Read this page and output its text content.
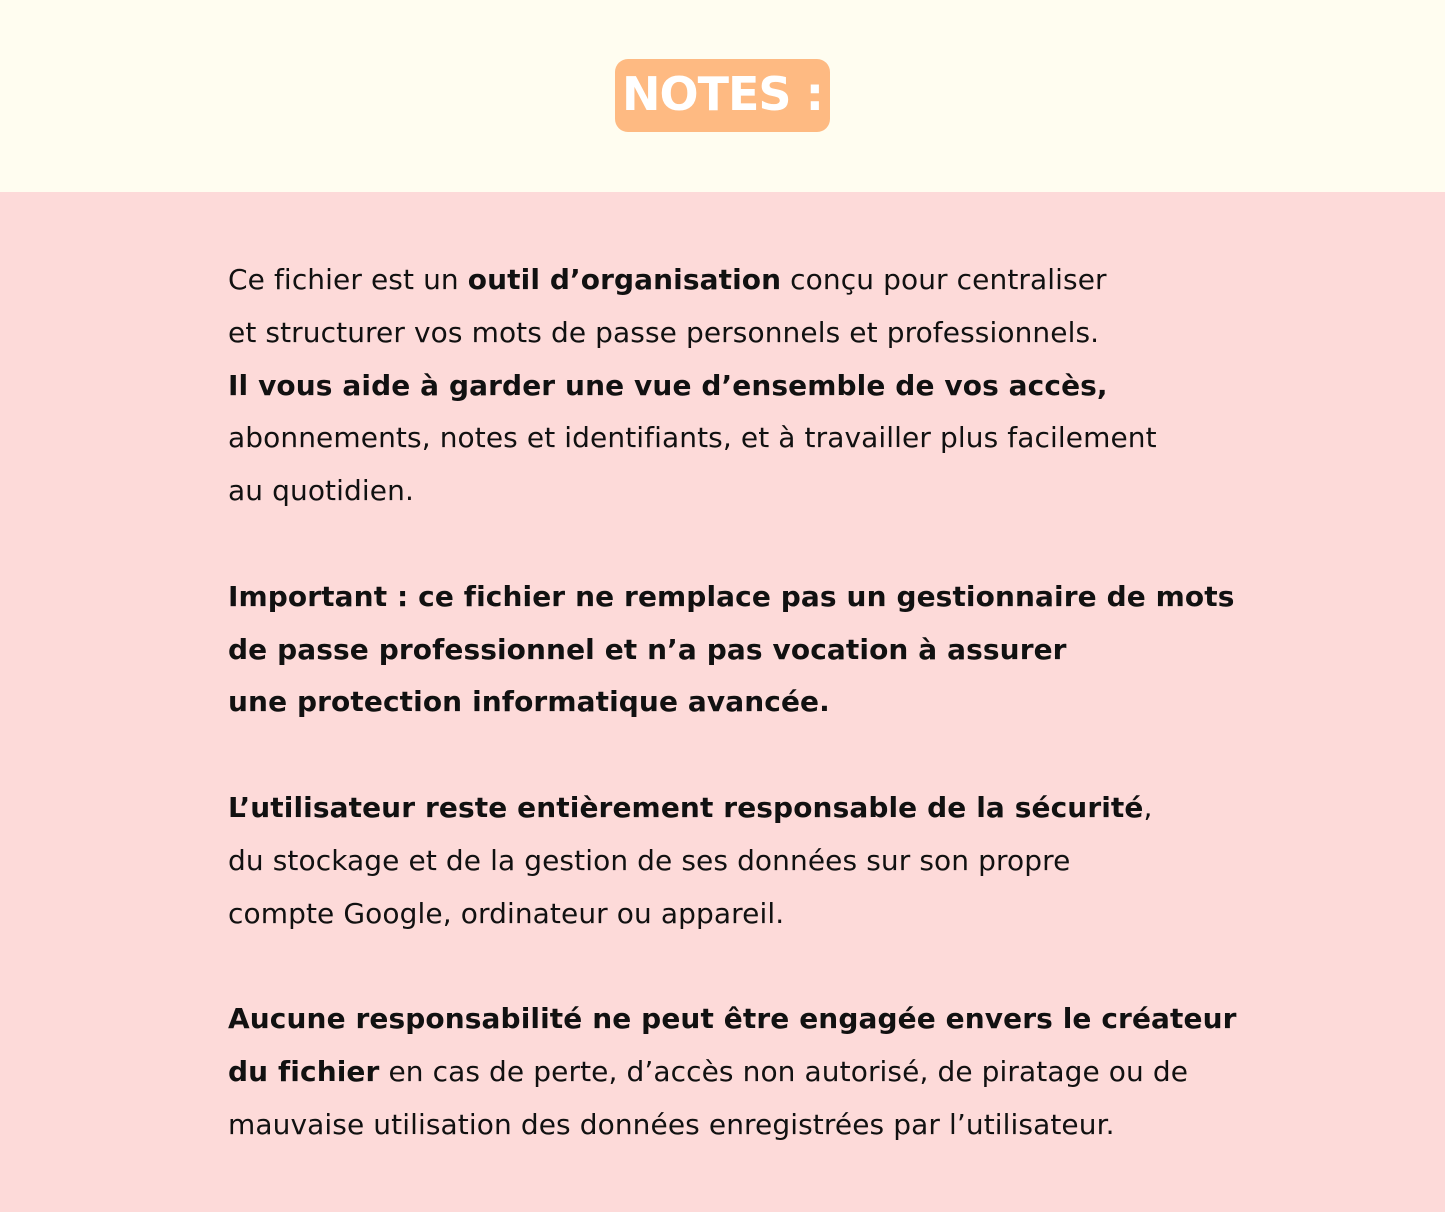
NOTES :
Ce fichier est un outil d’organisation conçu pour centraliser
et structurer vos mots de passe personnels et professionnels.
Il vous aide à garder une vue d’ensemble de vos accès,
abonnements, notes et identifiants, et à travailler plus facilement
au quotidien.
Important : ce fichier ne remplace pas un gestionnaire de mots
de passe professionnel et n’a pas vocation à assurer
une protection informatique avancée.
L’utilisateur reste entièrement responsable de la sécurité,
du stockage et de la gestion de ses données sur son propre
compte Google, ordinateur ou appareil.
Aucune responsabilité ne peut être engagée envers le créateur
du fichier en cas de perte, d’accès non autorisé, de piratage ou de
mauvaise utilisation des données enregistrées par l’utilisateur.
